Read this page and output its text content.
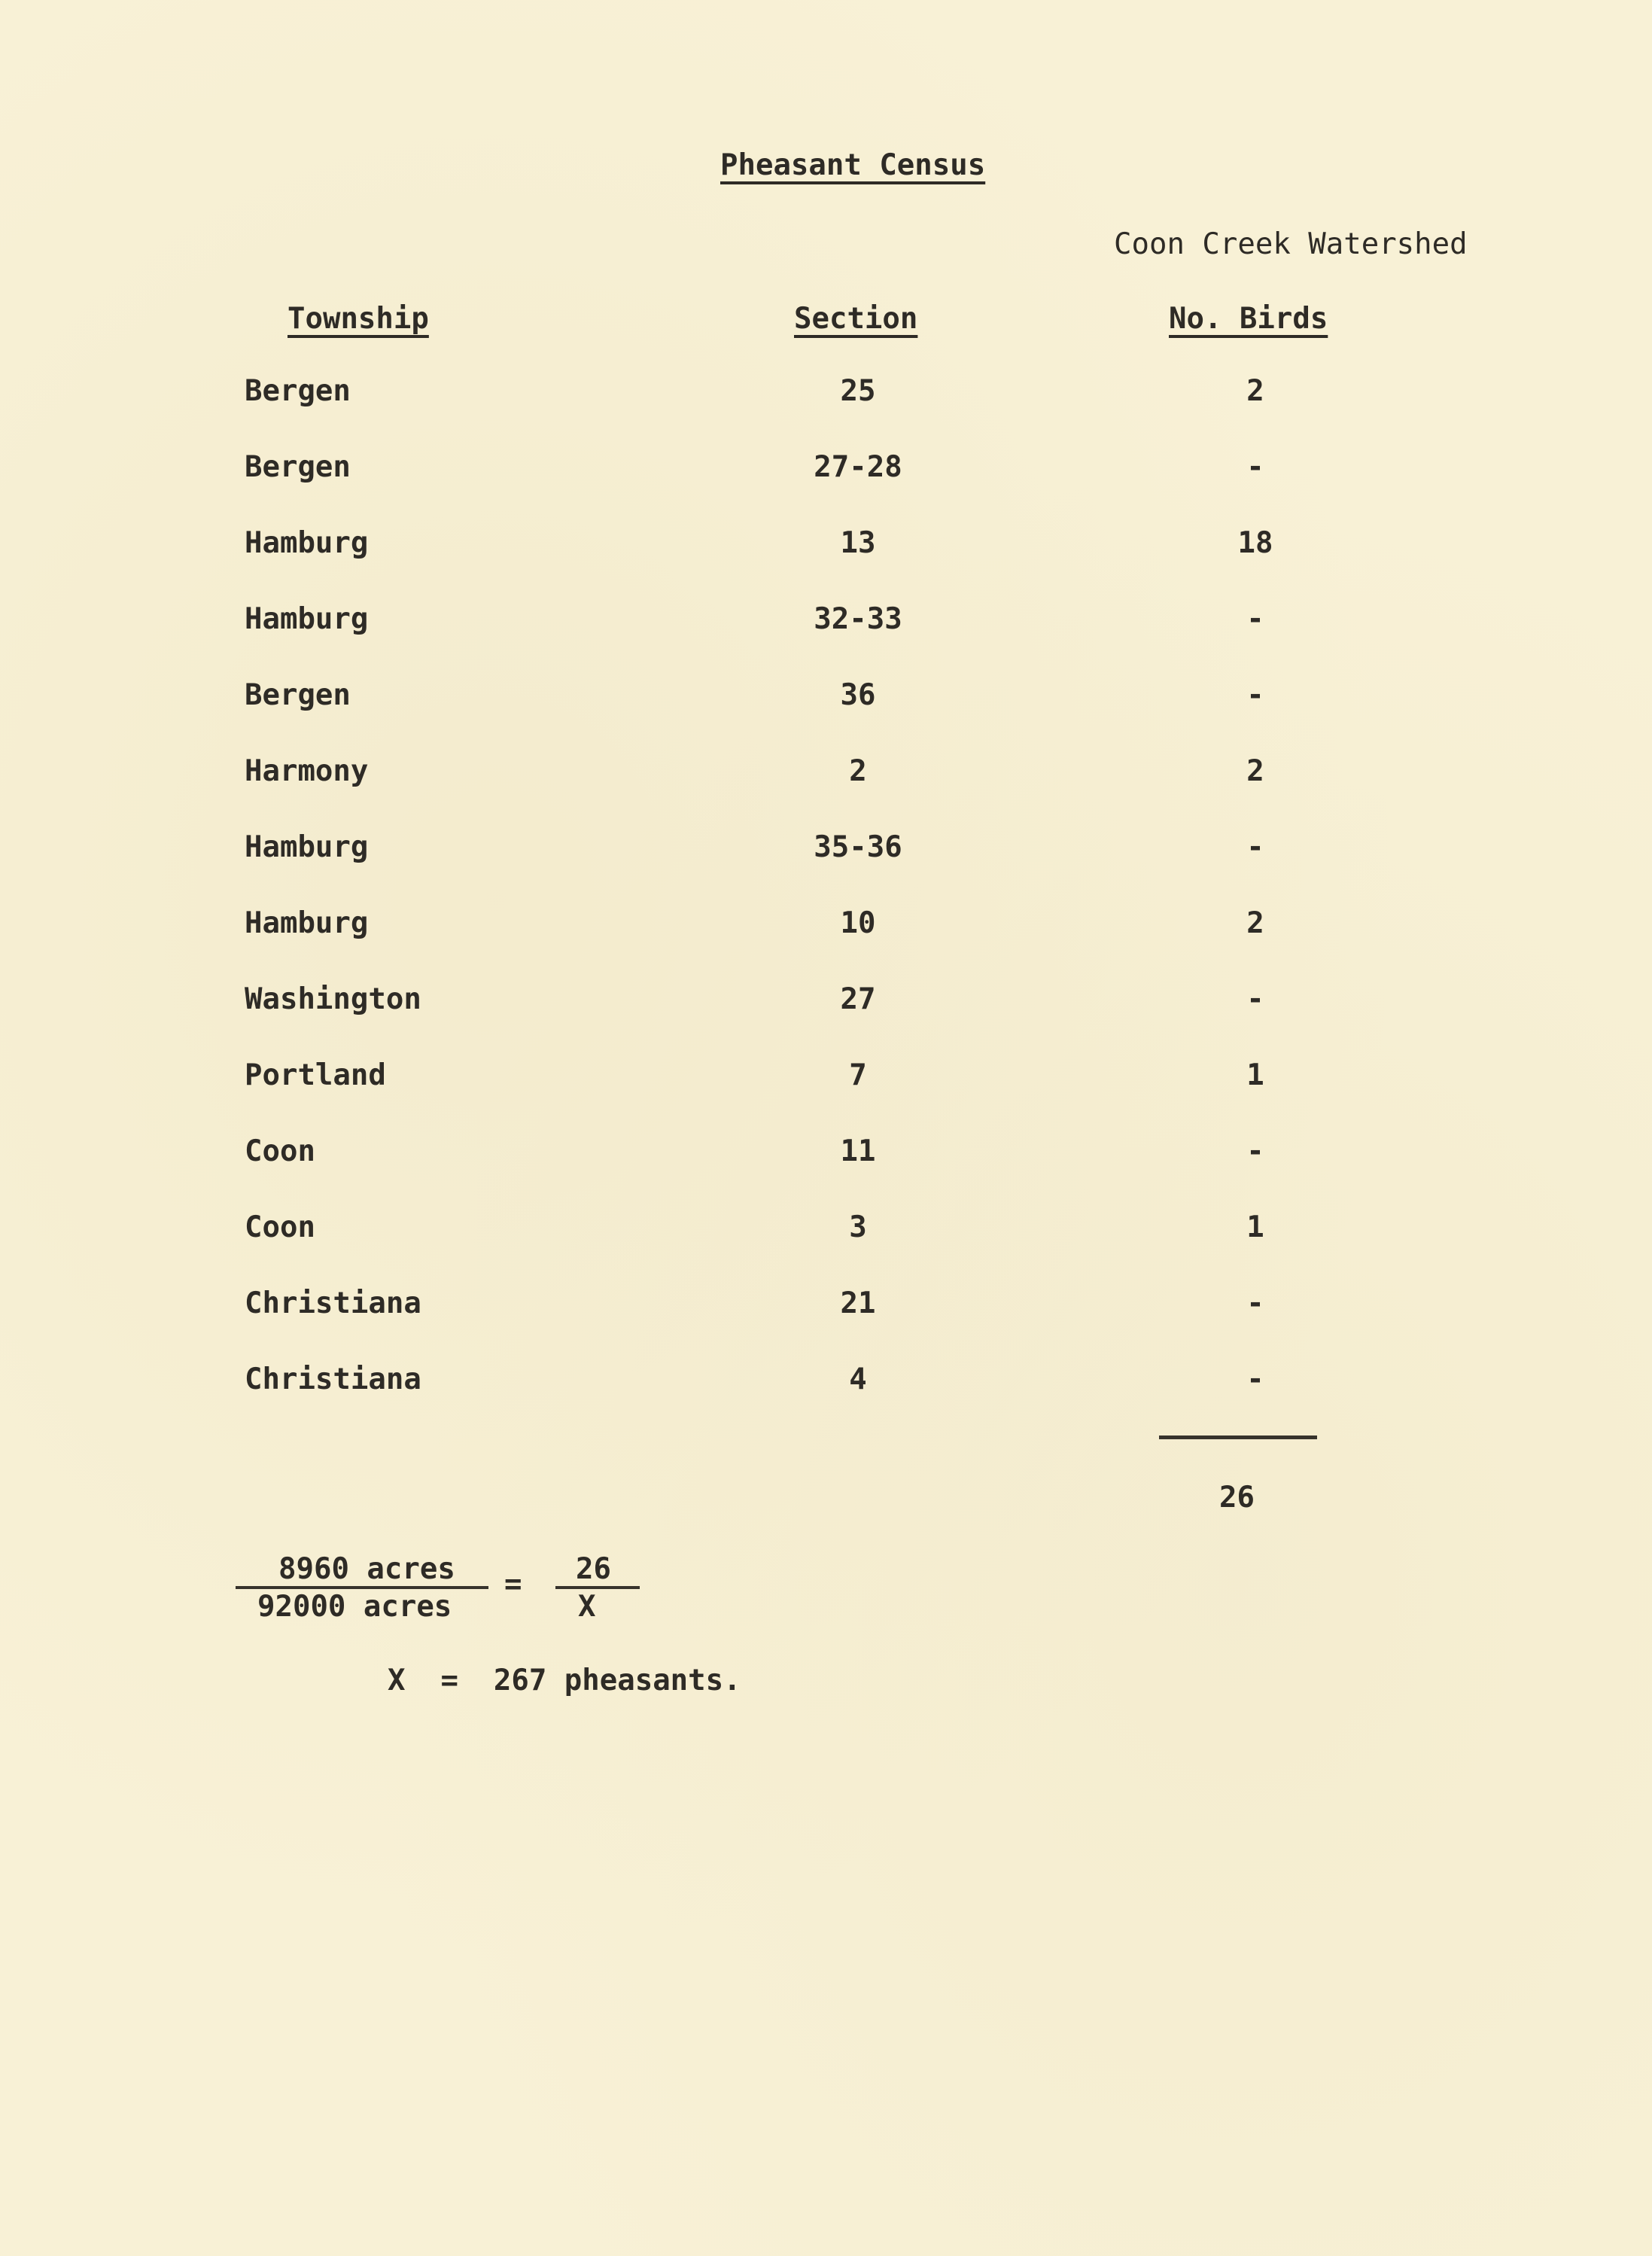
Pheasant Census
Coon Creek Watershed
Township	Section	No. Birds
Bergen	25	2
Bergen	27-28	-
Hamburg	13	18
Hamburg	32-33	-
Bergen	36	-
Harmony	2	2
Hamburg	35-36	-
Hamburg	10	2
Washington	27	-
Portland	7	1
Coon	11	-
Coon	3	1
Christiana	21	-
Christiana	4	-
26
8960 acres
92000 acres
= 26
X
X  =  267 pheasants.
